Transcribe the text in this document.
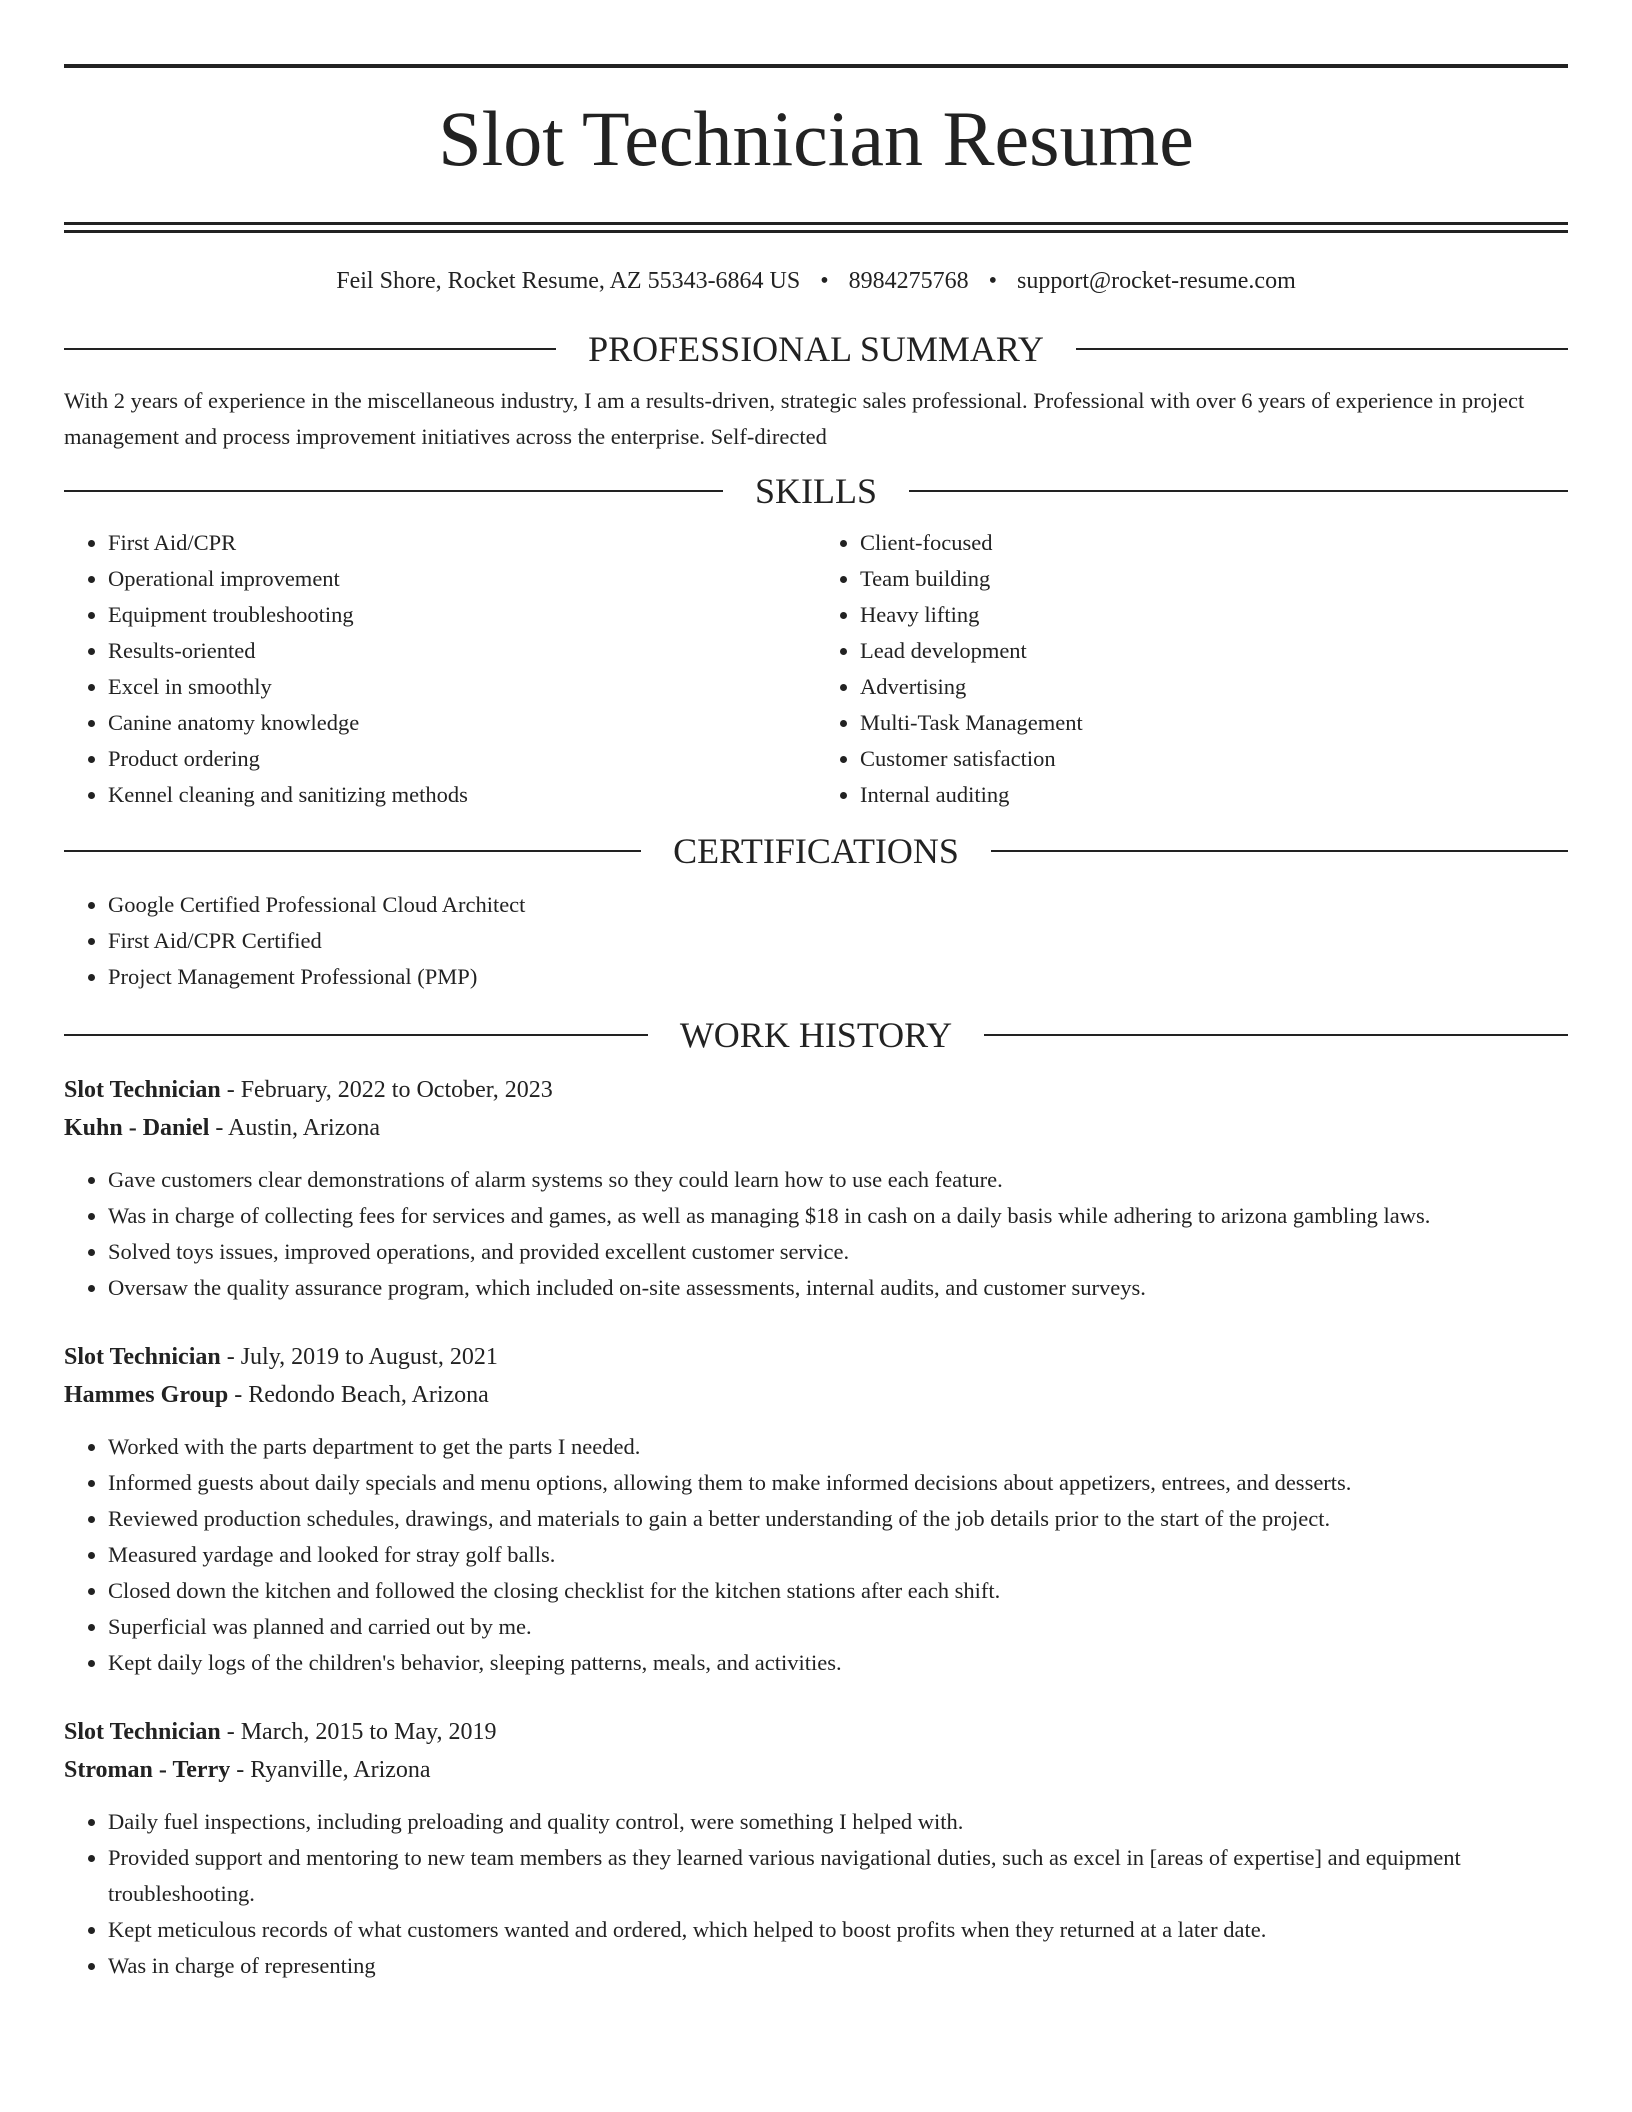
Slot Technician Resume
Feil Shore, Rocket Resume, AZ 55343-6864 US • 8984275768 • support@rocket-resume.com
PROFESSIONAL SUMMARY

With 2 years of experience in the miscellaneous industry, I am a results-driven, strategic sales professional. Professional with over 6 years of experience in project management and process improvement initiatives across the enterprise. Self-directed

SKILLS
• First Aid/CPR
• Operational improvement
• Equipment troubleshooting
• Results-oriented
• Excel in smoothly
• Canine anatomy knowledge
• Product ordering
• Kennel cleaning and sanitizing methods
• Client-focused
• Team building
• Heavy lifting
• Lead development
• Advertising
• Multi-Task Management
• Customer satisfaction
• Internal auditing
CERTIFICATIONS
• Google Certified Professional Cloud Architect
• First Aid/CPR Certified
• Project Management Professional (PMP)
WORK HISTORY
Slot Technician - February, 2022 to October, 2023
Kuhn - Daniel - Austin, Arizona
• Gave customers clear demonstrations of alarm systems so they could learn how to use each feature.
• Was in charge of collecting fees for services and games, as well as managing $18 in cash on a daily basis while adhering to arizona gambling laws.
• Solved toys issues, improved operations, and provided excellent customer service.
• Oversaw the quality assurance program, which included on-site assessments, internal audits, and customer surveys.
Slot Technician - July, 2019 to August, 2021
Hammes Group - Redondo Beach, Arizona
• Worked with the parts department to get the parts I needed.
• Informed guests about daily specials and menu options, allowing them to make informed decisions about appetizers, entrees, and desserts.
• Reviewed production schedules, drawings, and materials to gain a better understanding of the job details prior to the start of the project.
• Measured yardage and looked for stray golf balls.
• Closed down the kitchen and followed the closing checklist for the kitchen stations after each shift.
• Superficial was planned and carried out by me.
• Kept daily logs of the children's behavior, sleeping patterns, meals, and activities.
Slot Technician - March, 2015 to May, 2019
Stroman - Terry - Ryanville, Arizona
• Daily fuel inspections, including preloading and quality control, were something I helped with.
• Provided support and mentoring to new team members as they learned various navigational duties, such as excel in [areas of expertise] and equipment troubleshooting.
• Kept meticulous records of what customers wanted and ordered, which helped to boost profits when they returned at a later date.
• Was in charge of representing
